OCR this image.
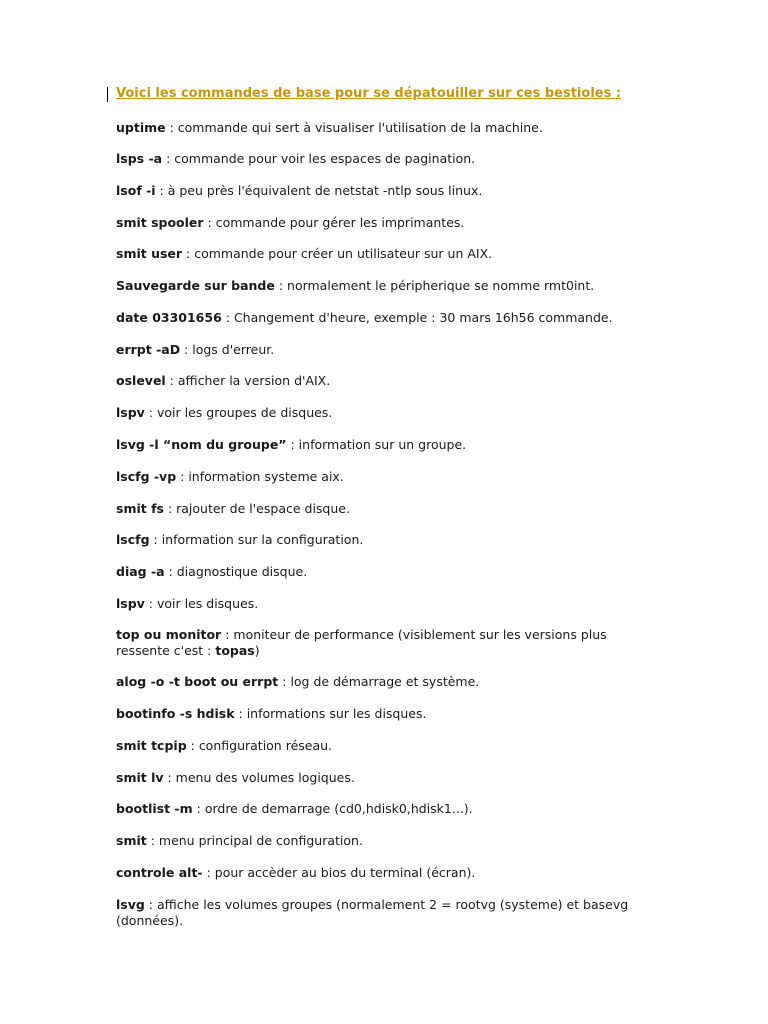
Voici les commandes de base pour se dépatouiller sur ces bestioles :
uptime : commande qui sert à visualiser l'utilisation de la machine.
lsps -a : commande pour voir les espaces de pagination.
lsof -i : à peu près l'équivalent de netstat -ntlp sous linux.
smit spooler : commande pour gérer les imprimantes.
smit user : commande pour créer un utilisateur sur un AIX.
Sauvegarde sur bande : normalement le péripherique se nomme rmt0int.
date 03301656 : Changement d'heure, exemple : 30 mars 16h56 commande.
errpt -aD : logs d'erreur.
oslevel : afficher la version d'AIX.
lspv : voir les groupes de disques.
lsvg -l “nom du groupe” : information sur un groupe.
lscfg -vp : information systeme aix.
smit fs : rajouter de l'espace disque.
lscfg : information sur la configuration.
diag -a : diagnostique disque.
lspv : voir les disques.
top ou monitor : moniteur de performance (visiblement sur les versions plus ressente c'est : topas)
alog -o -t boot ou errpt : log de démarrage et système.
bootinfo -s hdisk : informations sur les disques.
smit tcpip : configuration réseau.
smit lv : menu des volumes logiques.
bootlist -m : ordre de demarrage (cd0,hdisk0,hdisk1...).
smit : menu principal de configuration.
controle alt- : pour accèder au bios du terminal (écran).
lsvg : affiche les volumes groupes (normalement 2 = rootvg (systeme) et basevg (données).
